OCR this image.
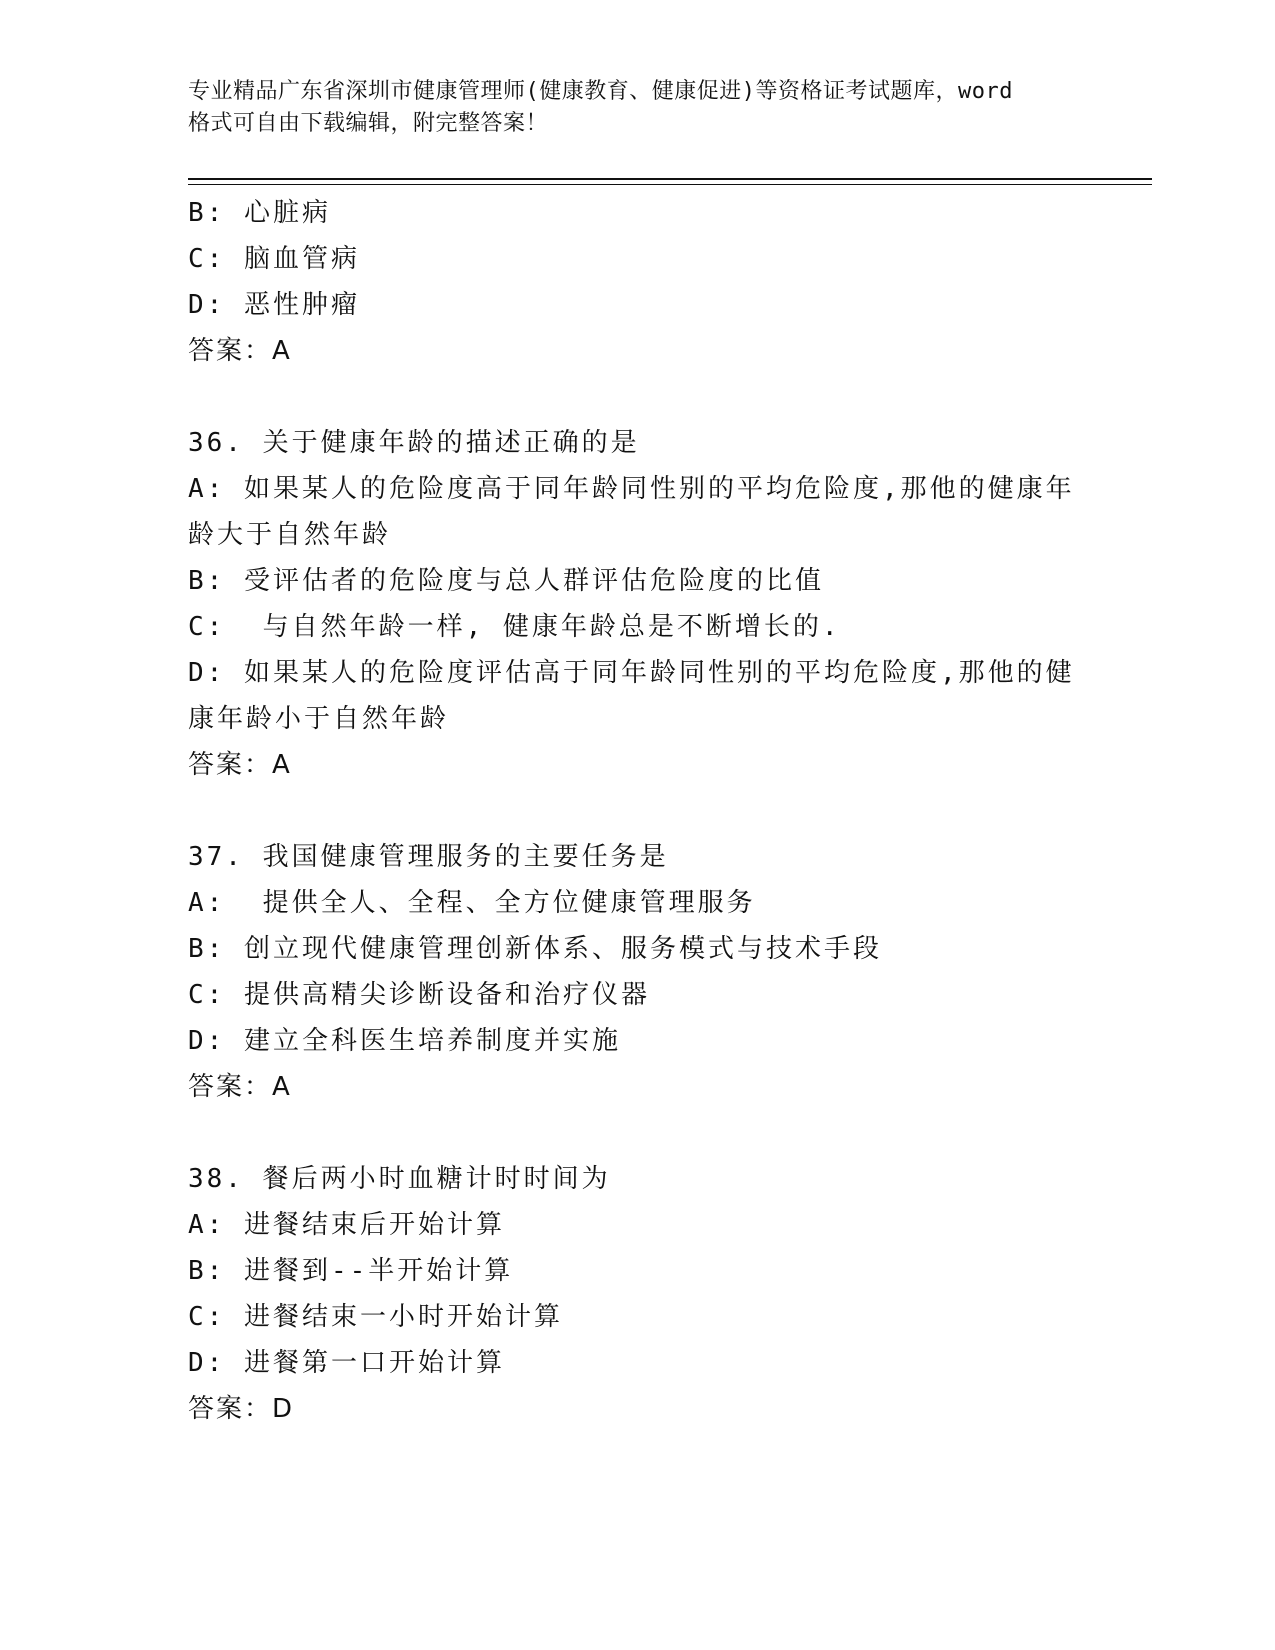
专业精品广东省深圳市健康管理师(健康教育、健康促进)等资格证考试题库，word
格式可自由下载编辑，附完整答案！
B: 心脏病
C: 脑血管病
D: 恶性肿瘤
答案：A
36. 关于健康年龄的描述正确的是
A: 如果某人的危险度高于同年龄同性别的平均危险度,那他的健康年
龄大于自然年龄
B: 受评估者的危险度与总人群评估危险度的比值
C:  与自然年龄一样, 健康年龄总是不断增长的.
D: 如果某人的危险度评估高于同年龄同性别的平均危险度,那他的健
康年龄小于自然年龄
答案：A
37. 我国健康管理服务的主要任务是
A:  提供全人、全程、全方位健康管理服务
B: 创立现代健康管理创新体系、服务模式与技术手段
C: 提供高精尖诊断设备和治疗仪器
D: 建立全科医生培养制度并实施
答案：A
38. 餐后两小时血糖计时时间为
A: 进餐结束后开始计算
B: 进餐到--半开始计算
C: 进餐结束一小时开始计算
D: 进餐第一口开始计算
答案：D
